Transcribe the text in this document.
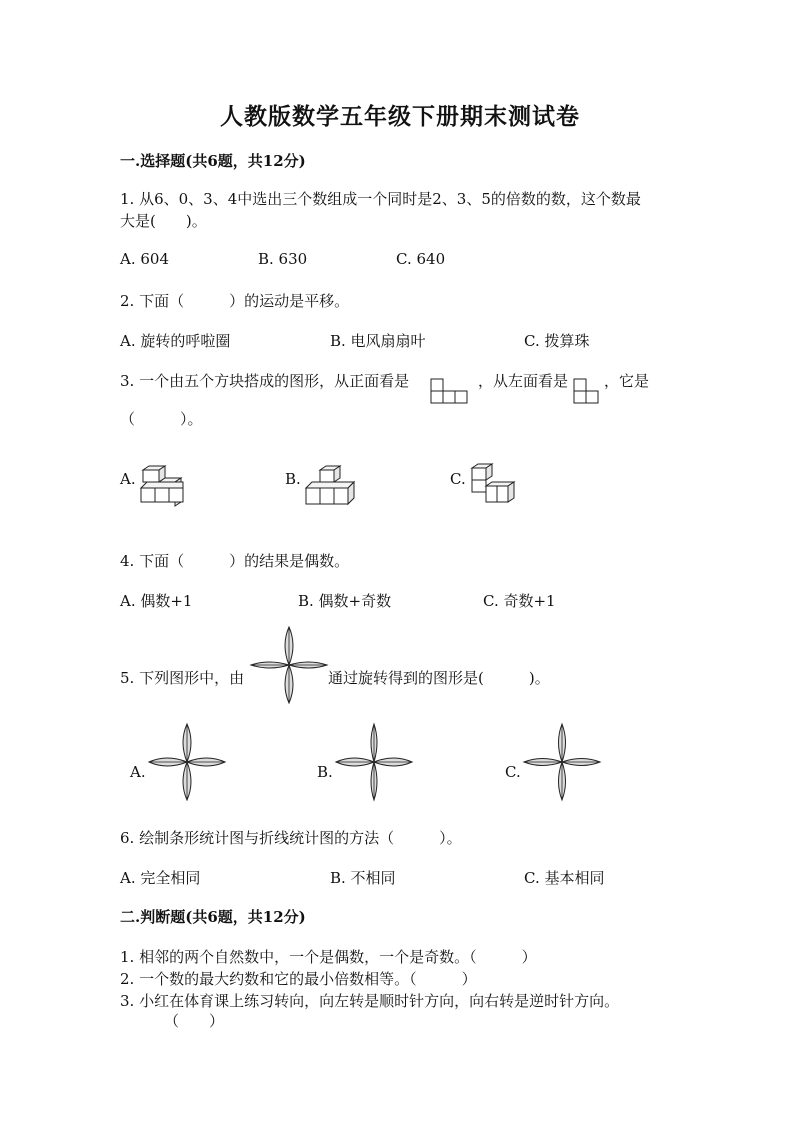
人教版数学五年级下册期末测试卷
一.选择题(共6题，共12分)
1. 从6、0、3、4中选出三个数组成一个同时是2、3、5的倍数的数，这个数最
大是(　　)。
A. 604	B. 630	C. 640
2. 下面（　　　）的运动是平移。
A. 旋转的呼啦圈	B. 电风扇扇叶	C. 拨算珠
3. 一个由五个方块搭成的图形，从正面看是	，从左面看是 ，它是
（　　　）。
A.	B.	C.
4. 下面（　　　）的结果是偶数。
A. 偶数+1	B. 偶数+奇数	C. 奇数+1
5. 下列图形中，由	通过旋转得到的图形是(　　　)。
A.	B.	C.
6. 绘制条形统计图与折线统计图的方法（　　　）。
A. 完全相同	B. 不相同	C. 基本相同
二.判断题(共6题，共12分)
1. 相邻的两个自然数中，一个是偶数，一个是奇数。（　　　）
2. 一个数的最大约数和它的最小倍数相等。（　　　）
3. 小红在体育课上练习转向，向左转是顺时针方向，向右转是逆时针方向。
（　　）
